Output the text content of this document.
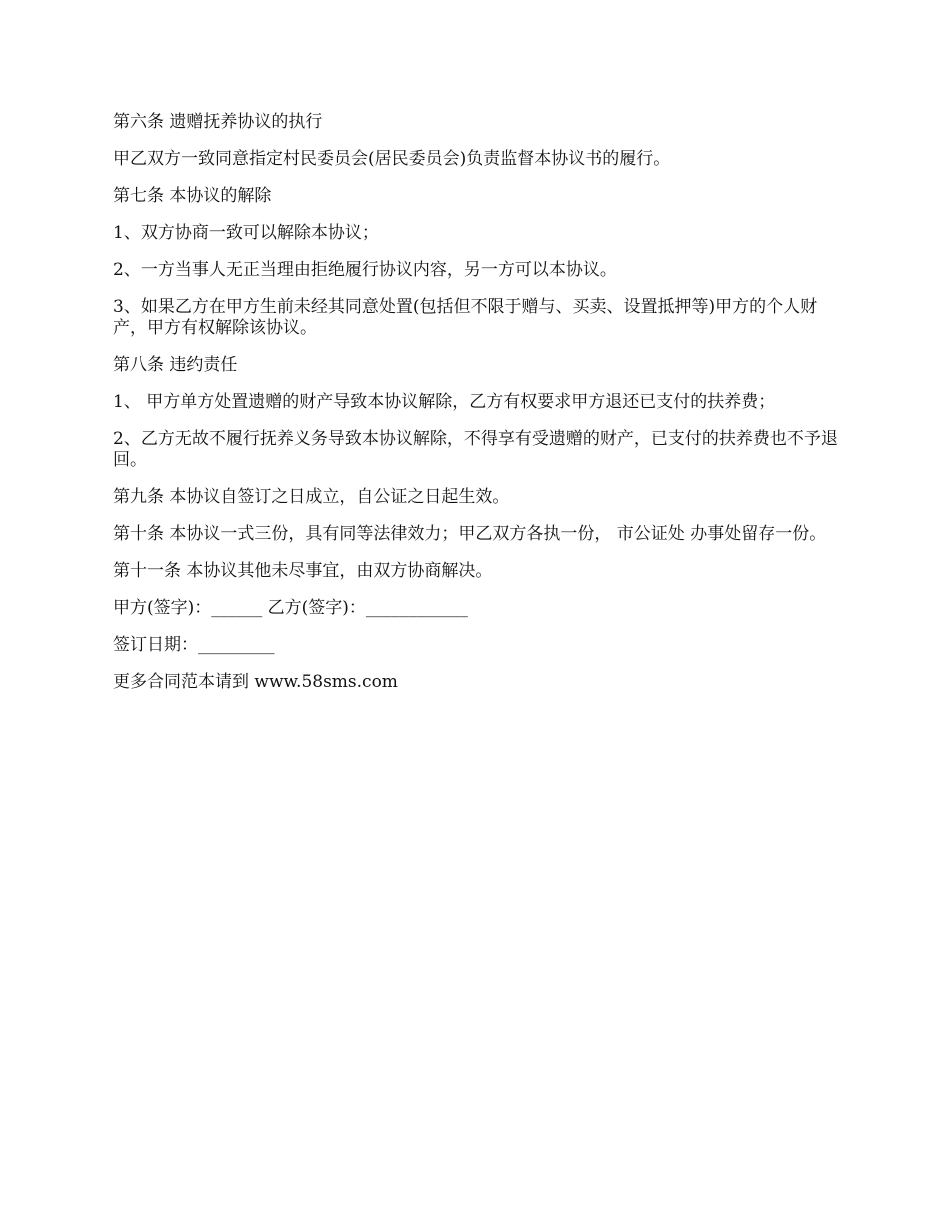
第六条 遗赠抚养协议的执行

甲乙双方一致同意指定村民委员会(居民委员会)负责监督本协议书的履行。

第七条 本协议的解除

1、双方协商一致可以解除本协议；

2、一方当事人无正当理由拒绝履行协议内容，另一方可以本协议。

3、如果乙方在甲方生前未经其同意处置(包括但不限于赠与、买卖、设置抵押等)甲方的个人财产，甲方有权解除该协议。

第八条 违约责任

1、 甲方单方处置遗赠的财产导致本协议解除，乙方有权要求甲方退还已支付的扶养费；

2、乙方无故不履行抚养义务导致本协议解除，不得享有受遗赠的财产，已支付的扶养费也不予退回。

第九条 本协议自签订之日成立，自公证之日起生效。

第十条 本协议一式三份，具有同等法律效力；甲乙双方各执一份， 市公证处 办事处留存一份。

第十一条 本协议其他未尽事宜，由双方协商解决。

甲方(签字)：______ 乙方(签字)：____________

签订日期：_________

更多合同范本请到 www.58sms.com
